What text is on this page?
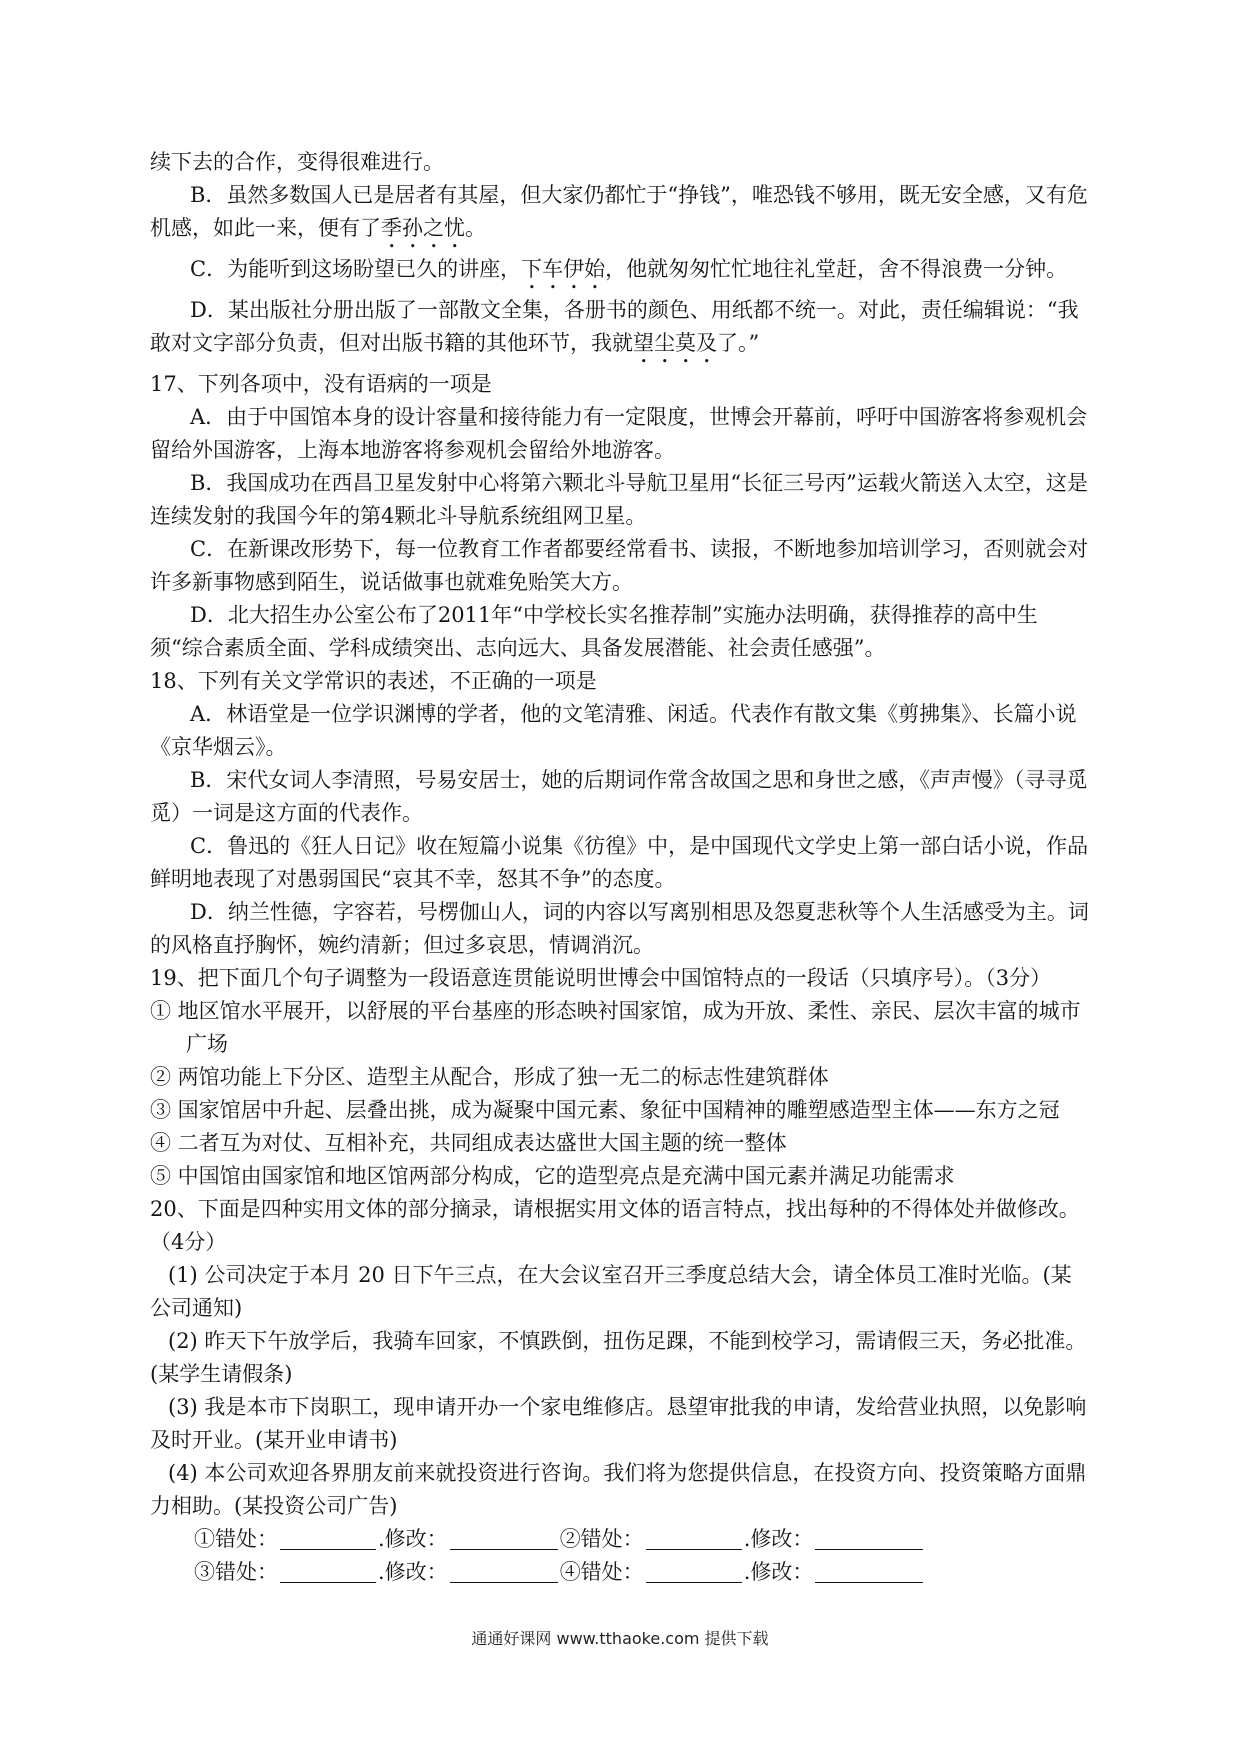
续下去的合作，变得很难进行。

B．虽然多数国人已是居者有其屋，但大家仍都忙于“挣钱”，唯恐钱不够用，既无安全感，又有危机感，如此一来，便有了季孙之忧。

C．为能听到这场盼望已久的讲座，下车伊始，他就匆匆忙忙地往礼堂赶，舍不得浪费一分钟。

D．某出版社分册出版了一部散文全集，各册书的颜色、用纸都不统一。对此，责任编辑说：“我敢对文字部分负责，但对出版书籍的其他环节，我就望尘莫及了。”

17、下列各项中，没有语病的一项是

A．由于中国馆本身的设计容量和接待能力有一定限度，世博会开幕前，呼吁中国游客将参观机会留给外国游客，上海本地游客将参观机会留给外地游客。

B．我国成功在西昌卫星发射中心将第六颗北斗导航卫星用“长征三号丙”运载火箭送入太空，这是连续发射的我国今年的第4颗北斗导航系统组网卫星。

C．在新课改形势下，每一位教育工作者都要经常看书、读报，不断地参加培训学习，否则就会对许多新事物感到陌生，说话做事也就难免贻笑大方。

D．北大招生办公室公布了2011年“中学校长实名推荐制”实施办法明确，获得推荐的高中生须“综合素质全面、学科成绩突出、志向远大、具备发展潜能、社会责任感强”。

18、下列有关文学常识的表述，不正确的一项是

A．林语堂是一位学识渊博的学者，他的文笔清雅、闲适。代表作有散文集《剪拂集》、长篇小说《京华烟云》。

B．宋代女词人李清照，号易安居士，她的后期词作常含故国之思和身世之感，《声声慢》（寻寻觅觅）一词是这方面的代表作。

C．鲁迅的《狂人日记》收在短篇小说集《彷徨》中，是中国现代文学史上第一部白话小说，作品鲜明地表现了对愚弱国民“哀其不幸，怒其不争”的态度。

D．纳兰性德，字容若，号楞伽山人，词的内容以写离别相思及怨夏悲秋等个人生活感受为主。词的风格直抒胸怀，婉约清新；但过多哀思，情调消沉。

19、把下面几个句子调整为一段语意连贯能说明世博会中国馆特点的一段话（只填序号）。（3分）

① 地区馆水平展开，以舒展的平台基座的形态映衬国家馆，成为开放、柔性、亲民、层次丰富的城市广场

② 两馆功能上下分区、造型主从配合，形成了独一无二的标志性建筑群体

③ 国家馆居中升起、层叠出挑，成为凝聚中国元素、象征中国精神的雕塑感造型主体——东方之冠

④ 二者互为对仗、互相补充，共同组成表达盛世大国主题的统一整体

⑤ 中国馆由国家馆和地区馆两部分构成，它的造型亮点是充满中国元素并满足功能需求

20、下面是四种实用文体的部分摘录，请根据实用文体的语言特点，找出每种的不得体处并做修改。（4分）

(1) 公司决定于本月 20 日下午三点，在大会议室召开三季度总结大会，请全体员工准时光临。(某公司通知)

(2) 昨天下午放学后，我骑车回家，不慎跌倒，扭伤足踝，不能到校学习，需请假三天，务必批准。(某学生请假条)

(3) 我是本市下岗职工，现申请开办一个家电维修店。恳望审批我的申请，发给营业执照，以免影响及时开业。(某开业申请书)

(4) 本公司欢迎各界朋友前来就投资进行咨询。我们将为您提供信息，在投资方向、投资策略方面鼎力相助。(某投资公司广告)

①错处：	.修改：	②错处：	.修改：

③错处：	.修改：	④错处：	.修改：

通通好课网 www.tthaoke.com 提供下载
